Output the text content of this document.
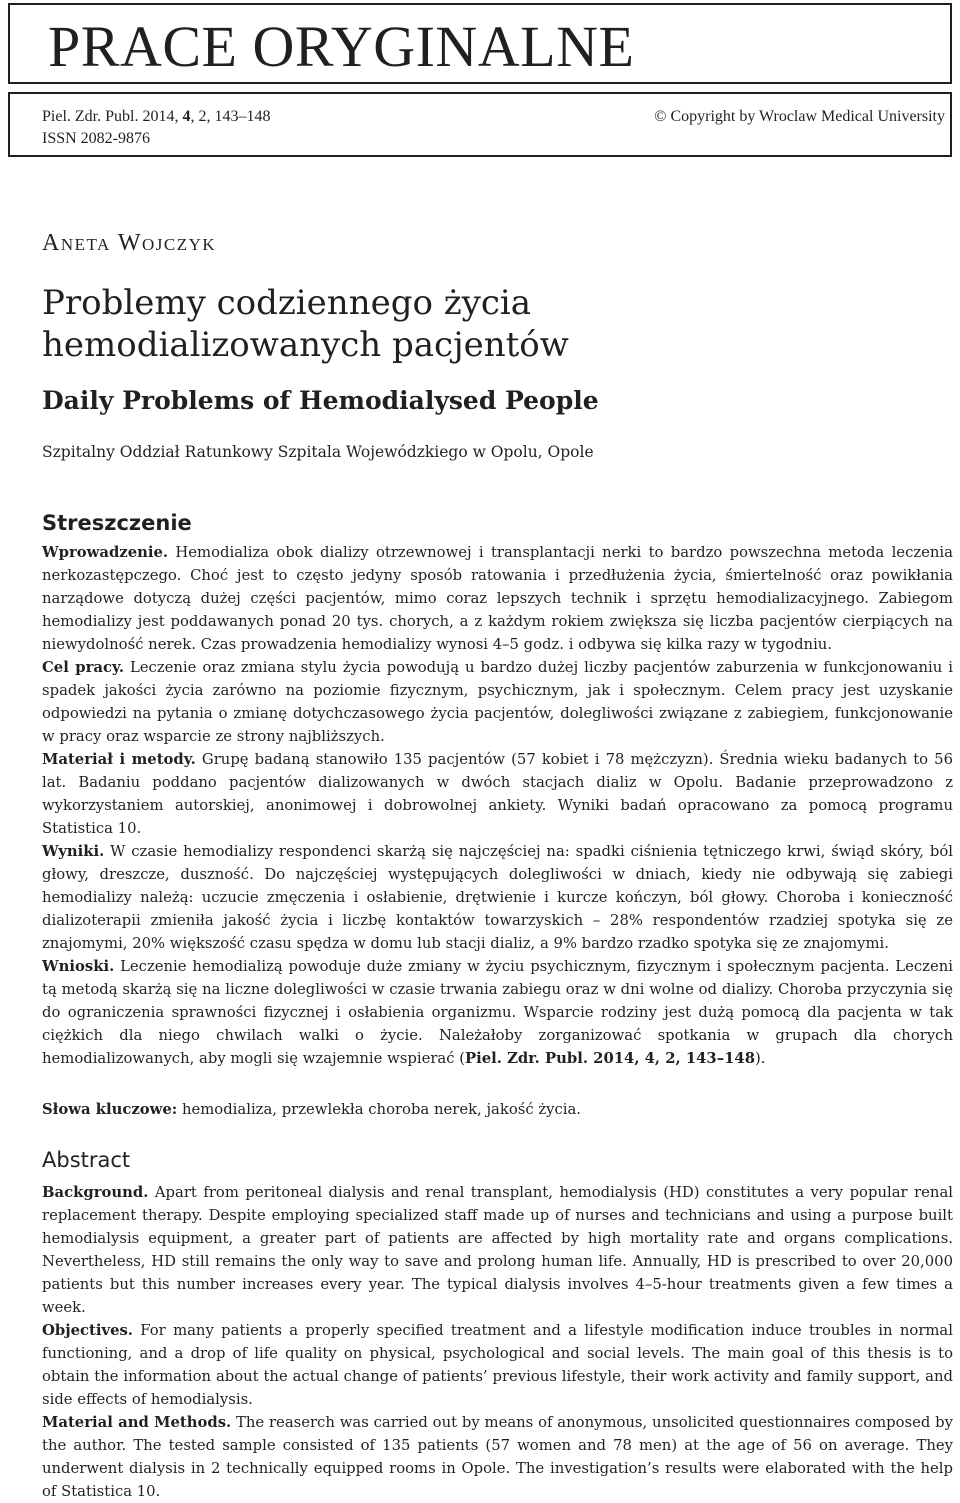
PRACE ORYGINALNE
Piel. Zdr. Publ. 2014, 4, 2, 143–148
ISSN 2082-9876
© Copyright by Wroclaw Medical University
Aneta Wojczyk
Problemy codziennego życia
hemodializowanych pacjentów
Daily Problems of Hemodialysed People
Szpitalny Oddział Ratunkowy Szpitala Wojewódzkiego w Opolu, Opole
Streszczenie

Wprowadzenie. Hemodializa obok dializy otrzewnowej i transplantacji nerki to bardzo powszechna metoda leczenia nerkozastępczego. Choć jest to często jedyny sposób ratowania i przedłużenia życia, śmiertelność oraz powikłania narządowe dotyczą dużej części pacjentów, mimo coraz lepszych technik i sprzętu hemodializacyjnego. Zabiegom hemodializy jest poddawanych ponad 20 tys. chorych, a z każdym rokiem zwiększa się liczba pacjentów cierpiących na niewydolność nerek. Czas prowadzenia hemodializy wynosi 4–5 godz. i odbywa się kilka razy w tygodniu.

Cel pracy. Leczenie oraz zmiana stylu życia powodują u bardzo dużej liczby pacjentów zaburzenia w funkcjonowaniu i spadek jakości życia zarówno na poziomie fizycznym, psychicznym, jak i społecznym. Celem pracy jest uzyskanie odpowiedzi na pytania o zmianę dotychczasowego życia pacjentów, dolegliwości związane z zabiegiem, funkcjonowanie w pracy oraz wsparcie ze strony najbliższych.

Materiał i metody. Grupę badaną stanowiło 135 pacjentów (57 kobiet i 78 mężczyzn). Średnia wieku badanych to 56 lat. Badaniu poddano pacjentów dializowanych w dwóch stacjach dializ w Opolu. Badanie przeprowadzono z wykorzystaniem autorskiej, anonimowej i dobrowolnej ankiety. Wyniki badań opracowano za pomocą programu Statistica 10.

Wyniki. W czasie hemodializy respondenci skarżą się najczęściej na: spadki ciśnienia tętniczego krwi, świąd skóry, ból głowy, dreszcze, duszność. Do najczęściej występujących dolegliwości w dniach, kiedy nie odbywają się zabiegi hemodializy należą: uczucie zmęczenia i osłabienie, drętwienie i kurcze kończyn, ból głowy. Choroba i konieczność dializoterapii zmieniła jakość życia i liczbę kontaktów towarzyskich – 28% respondentów rzadziej spotyka się ze znajomymi, 20% większość czasu spędza w domu lub stacji dializ, a 9% bardzo rzadko spotyka się ze znajomymi.

Wnioski. Leczenie hemodializą powoduje duże zmiany w życiu psychicznym, fizycznym i społecznym pacjenta. Leczeni tą metodą skarżą się na liczne dolegliwości w czasie trwania zabiegu oraz w dni wolne od dializy. Choroba przyczynia się do ograniczenia sprawności fizycznej i osłabienia organizmu. Wsparcie rodziny jest dużą pomocą dla pacjenta w tak ciężkich dla niego chwilach walki o życie. Należałoby zorganizować spotkania w grupach dla chorych hemodializowanych, aby mogli się wzajemnie wspierać (Piel. Zdr. Publ. 2014, 4, 2, 143–148).

Słowa kluczowe: hemodializa, przewlekła choroba nerek, jakość życia.
Abstract

Background. Apart from peritoneal dialysis and renal transplant, hemodialysis (HD) constitutes a very popular renal replacement therapy. Despite employing specialized staff made up of nurses and technicians and using a purpose built hemodialysis equipment, a greater part of patients are affected by high mortality rate and organs complications. Nevertheless, HD still remains the only way to save and prolong human life. Annually, HD is prescribed to over 20,000 patients but this number increases every year. The typical dialysis involves 4–5-hour treatments given a few times a week.

Objectives. For many patients a properly specified treatment and a lifestyle modification induce troubles in normal functioning, and a drop of life quality on physical, psychological and social levels. The main goal of this thesis is to obtain the information about the actual change of patients’ previous lifestyle, their work activity and family support, and side effects of hemodialysis.

Material and Methods. The reaserch was carried out by means of anonymous, unsolicited questionnaires composed by the author. The tested sample consisted of 135 patients (57 women and 78 men) at the age of 56 on average. They underwent dialysis in 2 technically equipped rooms in Opole. The investigation’s results were elaborated with the help of Statistica 10.
